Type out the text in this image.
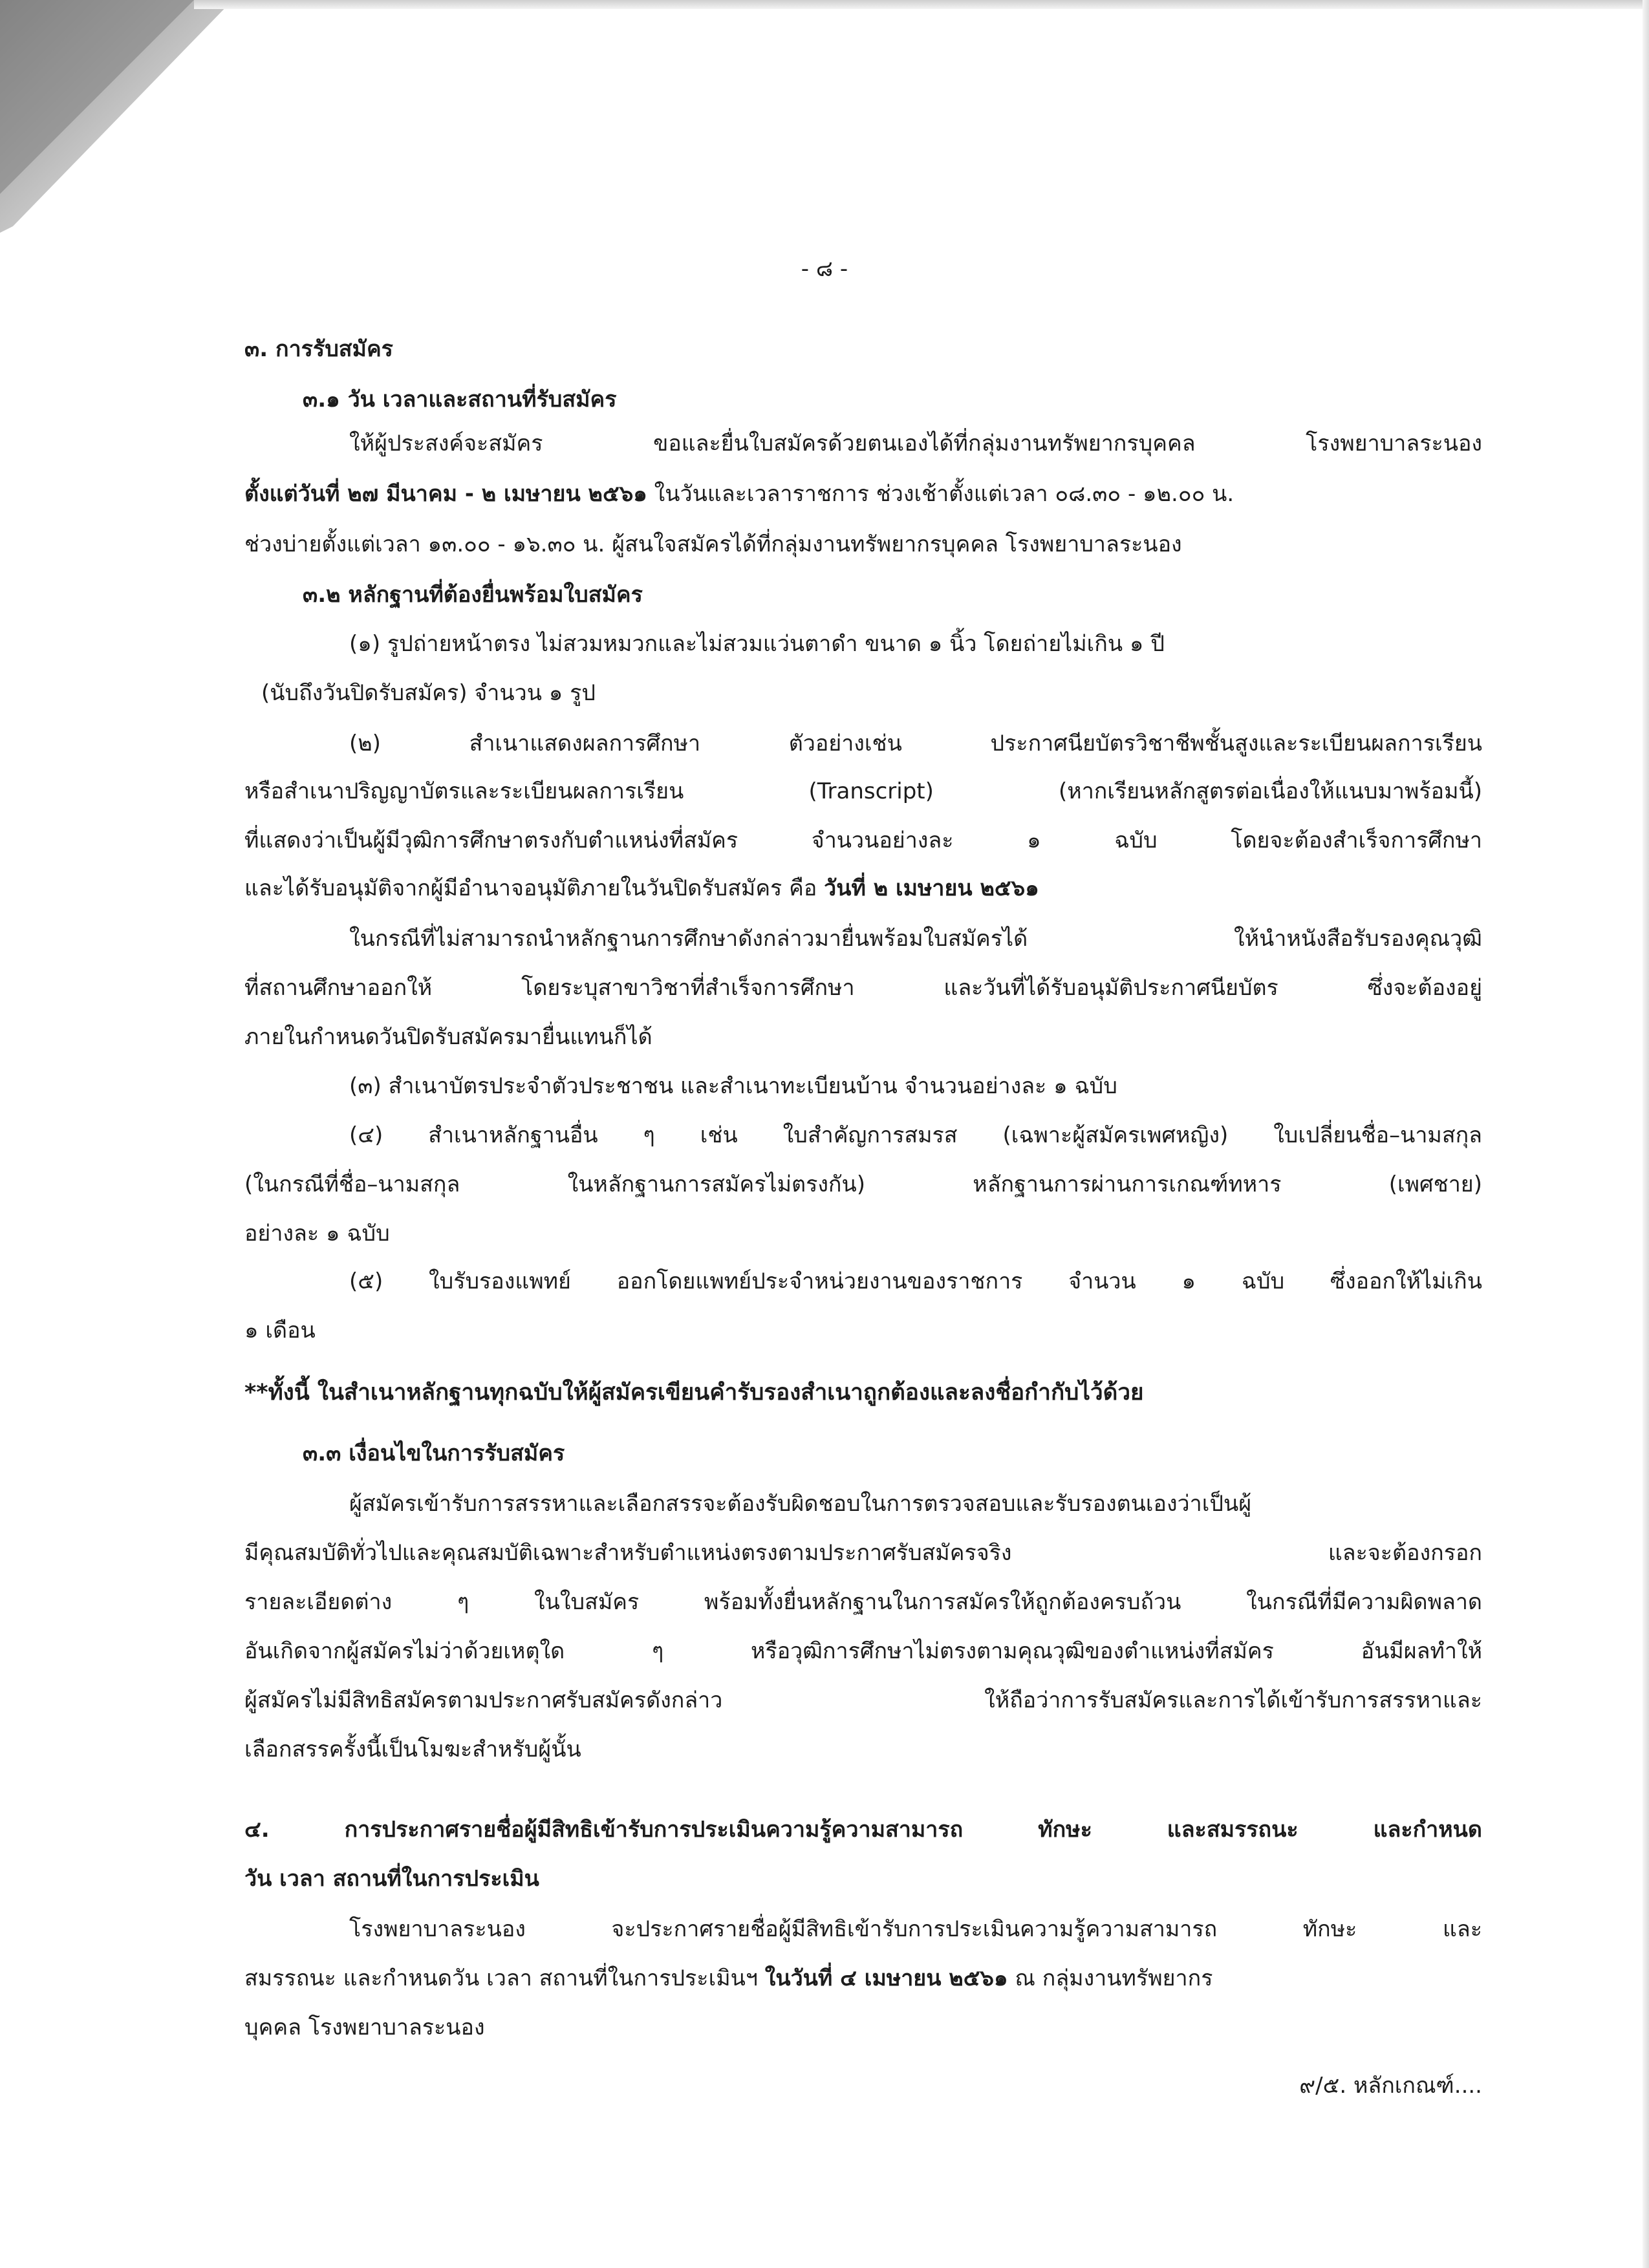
- ๘ -
๓. การรับสมัคร
๓.๑ วัน เวลาและสถานที่รับสมัคร
ให้ผู้ประสงค์จะสมัคร ขอและยื่นใบสมัครด้วยตนเองได้ที่กลุ่มงานทรัพยากรบุคคล โรงพยาบาลระนอง
ตั้งแต่วันที่ ๒๗ มีนาคม - ๒ เมษายน ๒๕๖๑ ในวันและเวลาราชการ ช่วงเช้าตั้งแต่เวลา ๐๘.๓๐ - ๑๒.๐๐ น.
ช่วงบ่ายตั้งแต่เวลา ๑๓.๐๐ - ๑๖.๓๐ น. ผู้สนใจสมัครได้ที่กลุ่มงานทรัพยากรบุคคล โรงพยาบาลระนอง
๓.๒ หลักฐานที่ต้องยื่นพร้อมใบสมัคร
(๑) รูปถ่ายหน้าตรง ไม่สวมหมวกและไม่สวมแว่นตาดำ ขนาด ๑ นิ้ว โดยถ่ายไม่เกิน ๑ ปี
(นับถึงวันปิดรับสมัคร) จำนวน ๑ รูป
(๒) สำเนาแสดงผลการศึกษา ตัวอย่างเช่น ประกาศนียบัตรวิชาชีพชั้นสูงและระเบียนผลการเรียน
หรือสำเนาปริญญาบัตรและระเบียนผลการเรียน (Transcript) (หากเรียนหลักสูตรต่อเนื่องให้แนบมาพร้อมนี้)
ที่แสดงว่าเป็นผู้มีวุฒิการศึกษาตรงกับตำแหน่งที่สมัคร จำนวนอย่างละ ๑ ฉบับ โดยจะต้องสำเร็จการศึกษา
และได้รับอนุมัติจากผู้มีอำนาจอนุมัติภายในวันปิดรับสมัคร คือ วันที่ ๒ เมษายน ๒๕๖๑
ในกรณีที่ไม่สามารถนำหลักฐานการศึกษาดังกล่าวมายื่นพร้อมใบสมัครได้ ให้นำหนังสือรับรองคุณวุฒิ
ที่สถานศึกษาออกให้ โดยระบุสาขาวิชาที่สำเร็จการศึกษา และวันที่ได้รับอนุมัติประกาศนียบัตร ซึ่งจะต้องอยู่
ภายในกำหนดวันปิดรับสมัครมายื่นแทนก็ได้
(๓) สำเนาบัตรประจำตัวประชาชน และสำเนาทะเบียนบ้าน จำนวนอย่างละ ๑ ฉบับ
(๔) สำเนาหลักฐานอื่น ๆ เช่น ใบสำคัญการสมรส (เฉพาะผู้สมัครเพศหญิง) ใบเปลี่ยนชื่อ–นามสกุล
(ในกรณีที่ชื่อ–นามสกุล ในหลักฐานการสมัครไม่ตรงกัน) หลักฐานการผ่านการเกณฑ์ทหาร (เพศชาย)
อย่างละ ๑ ฉบับ
(๕) ใบรับรองแพทย์ ออกโดยแพทย์ประจำหน่วยงานของราชการ จำนวน ๑ ฉบับ ซึ่งออกให้ไม่เกิน
๑ เดือน
**ทั้งนี้ ในสำเนาหลักฐานทุกฉบับให้ผู้สมัครเขียนคำรับรองสำเนาถูกต้องและลงชื่อกำกับไว้ด้วย
๓.๓ เงื่อนไขในการรับสมัคร
ผู้สมัครเข้ารับการสรรหาและเลือกสรรจะต้องรับผิดชอบในการตรวจสอบและรับรองตนเองว่าเป็นผู้
มีคุณสมบัติทั่วไปและคุณสมบัติเฉพาะสำหรับตำแหน่งตรงตามประกาศรับสมัครจริง และจะต้องกรอก
รายละเอียดต่าง ๆ ในใบสมัคร พร้อมทั้งยื่นหลักฐานในการสมัครให้ถูกต้องครบถ้วน ในกรณีที่มีความผิดพลาด
อันเกิดจากผู้สมัครไม่ว่าด้วยเหตุใด ๆ หรือวุฒิการศึกษาไม่ตรงตามคุณวุฒิของตำแหน่งที่สมัคร อันมีผลทำให้
ผู้สมัครไม่มีสิทธิสมัครตามประกาศรับสมัครดังกล่าว ให้ถือว่าการรับสมัครและการได้เข้ารับการสรรหาและ
เลือกสรรครั้งนี้เป็นโมฆะสำหรับผู้นั้น
๔. การประกาศรายชื่อผู้มีสิทธิเข้ารับการประเมินความรู้ความสามารถ ทักษะ และสมรรถนะ และกำหนด
วัน เวลา สถานที่ในการประเมิน
โรงพยาบาลระนอง จะประกาศรายชื่อผู้มีสิทธิเข้ารับการประเมินความรู้ความสามารถ ทักษะ และ
สมรรถนะ และกำหนดวัน เวลา สถานที่ในการประเมินฯ ในวันที่ ๔ เมษายน ๒๕๖๑ ณ กลุ่มงานทรัพยากร
บุคคล โรงพยาบาลระนอง
๙/๕. หลักเกณฑ์....
